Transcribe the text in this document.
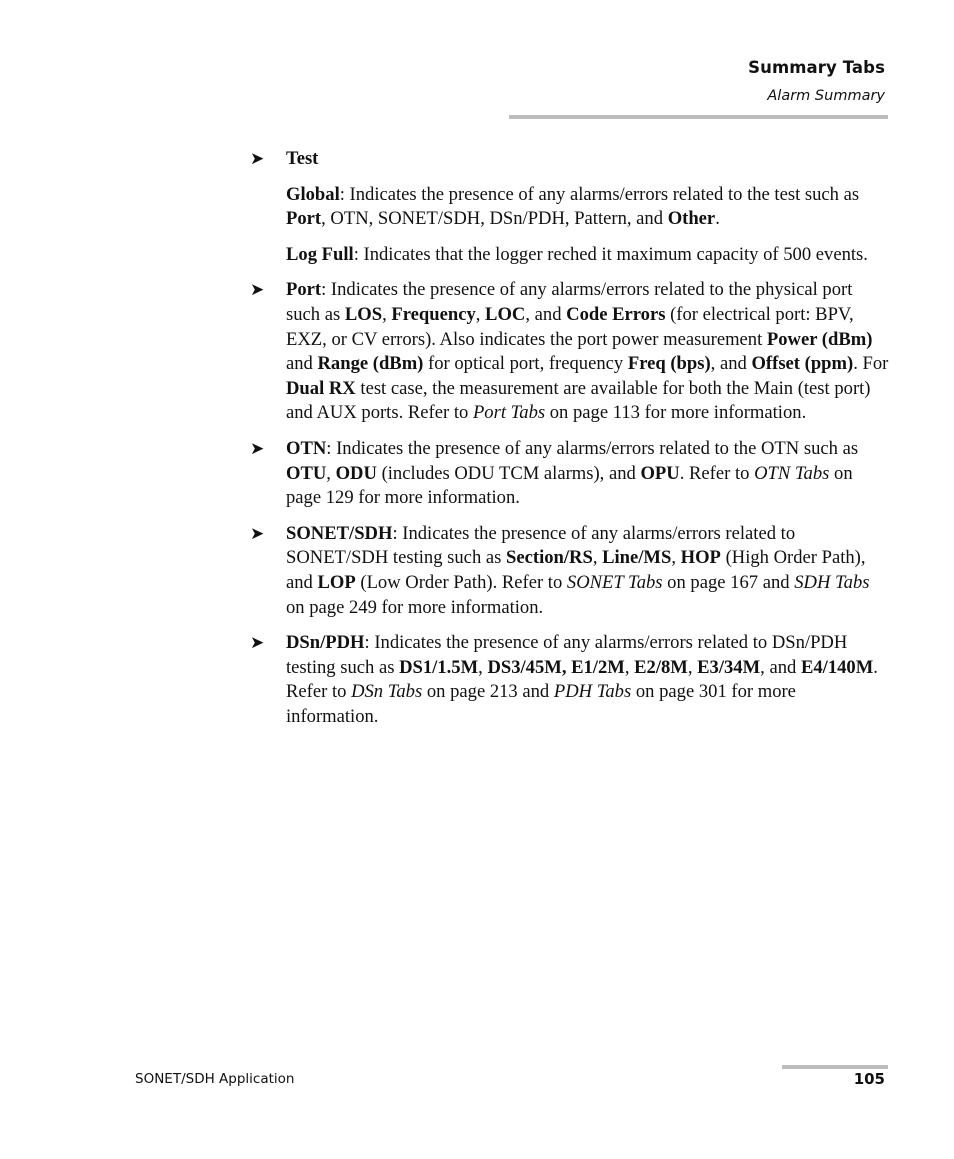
Summary Tabs
Alarm Summary
➤ Test

Global: Indicates the presence of any alarms/errors related to the test such as Port, OTN, SONET/SDH, DSn/PDH, Pattern, and Other.

Log Full: Indicates that the logger reched it maximum capacity of 500 events.

➤ Port: Indicates the presence of any alarms/errors related to the physical port such as LOS, Frequency, LOC, and Code Errors (for electrical port: BPV, EXZ, or CV errors). Also indicates the port power measurement Power (dBm) and Range (dBm) for optical port, frequency Freq (bps), and Offset (ppm). For Dual RX test case, the measurement are available for both the Main (test port) and AUX ports. Refer to Port Tabs on page 113 for more information.

➤ OTN: Indicates the presence of any alarms/errors related to the OTN such as OTU, ODU (includes ODU TCM alarms), and OPU. Refer to OTN Tabs on page 129 for more information.

➤ SONET/SDH: Indicates the presence of any alarms/errors related to SONET/SDH testing such as Section/RS, Line/MS, HOP (High Order Path), and LOP (Low Order Path). Refer to SONET Tabs on page 167 and SDH Tabs on page 249 for more information.

➤ DSn/PDH: Indicates the presence of any alarms/errors related to DSn/PDH testing such as DS1/1.5M, DS3/45M, E1/2M, E2/8M, E3/34M, and E4/140M. Refer to DSn Tabs on page 213 and PDH Tabs on page 301 for more information.

SONET/SDH Application	105
